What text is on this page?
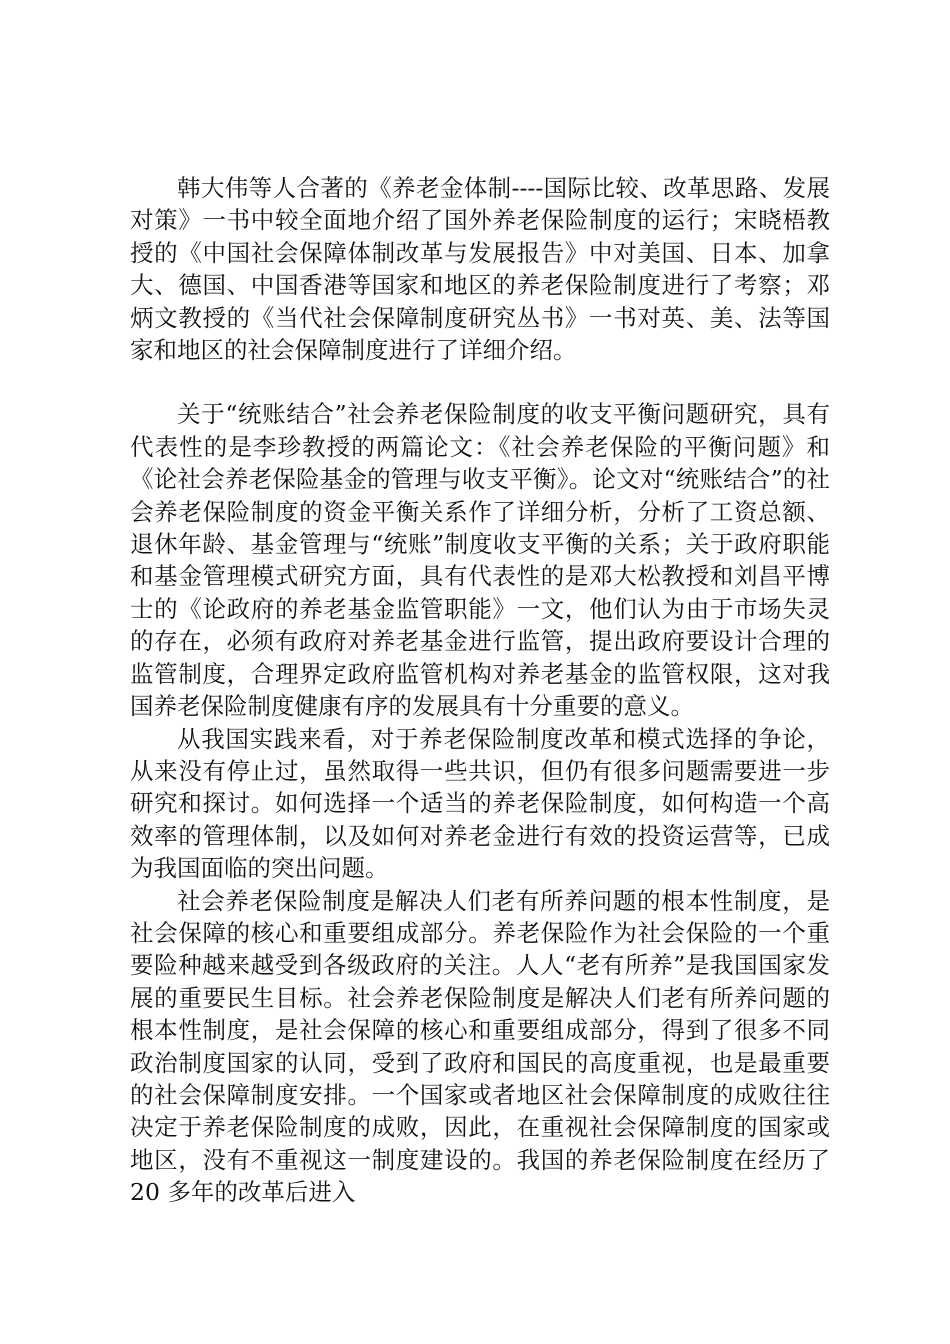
韩大伟等人合著的《养老金体制----国际比较、改革思路、发展对策》一书中较全面地介绍了国外养老保险制度的运行；宋晓梧教授的《中国社会保障体制改革与发展报告》中对美国、日本、加拿大、德国、中国香港等国家和地区的养老保险制度进行了考察；邓炳文教授的《当代社会保障制度研究丛书》一书对英、美、法等国家和地区的社会保障制度进行了详细介绍。

关于“统账结合”社会养老保险制度的收支平衡问题研究，具有代表性的是李珍教授的两篇论文：《社会养老保险的平衡问题》和《论社会养老保险基金的管理与收支平衡》。论文对“统账结合”的社会养老保险制度的资金平衡关系作了详细分析，分析了工资总额、退休年龄、基金管理与“统账”制度收支平衡的关系；关于政府职能和基金管理模式研究方面，具有代表性的是邓大松教授和刘昌平博士的《论政府的养老基金监管职能》一文，他们认为由于市场失灵的存在，必须有政府对养老基金进行监管，提出政府要设计合理的监管制度，合理界定政府监管机构对养老基金的监管权限，这对我国养老保险制度健康有序的发展具有十分重要的意义。

从我国实践来看，对于养老保险制度改革和模式选择的争论，从来没有停止过，虽然取得一些共识，但仍有很多问题需要进一步研究和探讨。如何选择一个适当的养老保险制度，如何构造一个高效率的管理体制，以及如何对养老金进行有效的投资运营等，已成为我国面临的突出问题。

社会养老保险制度是解决人们老有所养问题的根本性制度，是社会保障的核心和重要组成部分。养老保险作为社会保险的一个重要险种越来越受到各级政府的关注。人人“老有所养”是我国国家发展的重要民生目标。社会养老保险制度是解决人们老有所养问题的根本性制度，是社会保障的核心和重要组成部分，得到了很多不同政治制度国家的认同，受到了政府和国民的高度重视，也是最重要的社会保障制度安排。一个国家或者地区社会保障制度的成败往往决定于养老保险制度的成败，因此，在重视社会保障制度的国家或地区，没有不重视这一制度建设的。我国的养老保险制度在经历了 20 多年的改革后进入
